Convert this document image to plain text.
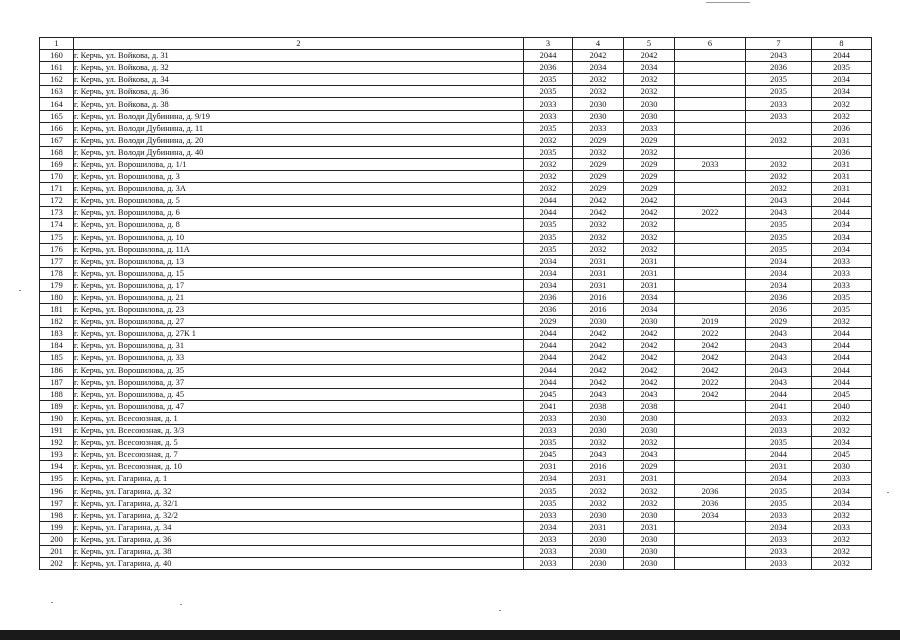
1	2	3	4	5	6	7	8
160	г. Керчь, ул. Войкова, д. 31	2044	2042	2042		2043	2044
161	г. Керчь, ул. Войкова, д. 32	2036	2034	2034		2036	2035
162	г. Керчь, ул. Войкова, д. 34	2035	2032	2032		2035	2034
163	г. Керчь, ул. Войкова, д. 36	2035	2032	2032		2035	2034
164	г. Керчь, ул. Войкова, д. 38	2033	2030	2030		2033	2032
165	г. Керчь, ул. Володи Дубинина, д. 9/19	2033	2030	2030		2033	2032
166	г. Керчь, ул. Володи Дубинина, д. 11	2035	2033	2033			2036
167	г. Керчь, ул. Володи Дубинина, д. 20	2032	2029	2029		2032	2031
168	г. Керчь, ул. Володи Дубинина, д. 40	2035	2032	2032			2036
169	г. Керчь, ул. Ворошилова, д. 1/1	2032	2029	2029	2033	2032	2031
170	г. Керчь, ул. Ворошилова, д. 3	2032	2029	2029		2032	2031
171	г. Керчь, ул. Ворошилова, д. 3А	2032	2029	2029		2032	2031
172	г. Керчь, ул. Ворошилова, д. 5	2044	2042	2042		2043	2044
173	г. Керчь, ул. Ворошилова, д. 6	2044	2042	2042	2022	2043	2044
174	г. Керчь, ул. Ворошилова, д. 8	2035	2032	2032		2035	2034
175	г. Керчь, ул. Ворошилова, д. 10	2035	2032	2032		2035	2034
176	г. Керчь, ул. Ворошилова, д. 11А	2035	2032	2032		2035	2034
177	г. Керчь, ул. Ворошилова, д. 13	2034	2031	2031		2034	2033
178	г. Керчь, ул. Ворошилова, д. 15	2034	2031	2031		2034	2033
179	г. Керчь, ул. Ворошилова, д. 17	2034	2031	2031		2034	2033
180	г. Керчь, ул. Ворошилова, д. 21	2036	2016	2034		2036	2035
181	г. Керчь, ул. Ворошилова, д. 23	2036	2016	2034		2036	2035
182	г. Керчь, ул. Ворошилова, д. 27	2029	2030	2030	2019	2029	2032
183	г. Керчь, ул. Ворошилова, д. 27К 1	2044	2042	2042	2022	2043	2044
184	г. Керчь, ул. Ворошилова, д. 31	2044	2042	2042	2042	2043	2044
185	г. Керчь, ул. Ворошилова, д. 33	2044	2042	2042	2042	2043	2044
186	г. Керчь, ул. Ворошилова, д. 35	2044	2042	2042	2042	2043	2044
187	г. Керчь, ул. Ворошилова, д. 37	2044	2042	2042	2022	2043	2044
188	г. Керчь, ул. Ворошилова, д. 45	2045	2043	2043	2042	2044	2045
189	г. Керчь, ул. Ворошилова, д. 47	2041	2038	2038		2041	2040
190	г. Керчь, ул. Всесоюзная, д. 1	2033	2030	2030		2033	2032
191	г. Керчь, ул. Всесоюзная, д. 3/3	2033	2030	2030		2033	2032
192	г. Керчь, ул. Всесоюзная, д. 5	2035	2032	2032		2035	2034
193	г. Керчь, ул. Всесоюзная, д. 7	2045	2043	2043		2044	2045
194	г. Керчь, ул. Всесоюзная, д. 10	2031	2016	2029		2031	2030
195	г. Керчь, ул. Гагарина, д. 1	2034	2031	2031		2034	2033
196	г. Керчь, ул. Гагарина, д. 32	2035	2032	2032	2036	2035	2034
197	г. Керчь, ул. Гагарина, д. 32/1	2035	2032	2032	2036	2035	2034
198	г. Керчь, ул. Гагарина, д. 32/2	2033	2030	2030	2034	2033	2032
199	г. Керчь, ул. Гагарина, д. 34	2034	2031	2031		2034	2033
200	г. Керчь, ул. Гагарина, д. 36	2033	2030	2030		2033	2032
201	г. Керчь, ул. Гагарина, д. 38	2033	2030	2030		2033	2032
202	г. Керчь, ул. Гагарина, д. 40	2033	2030	2030		2033	2032
